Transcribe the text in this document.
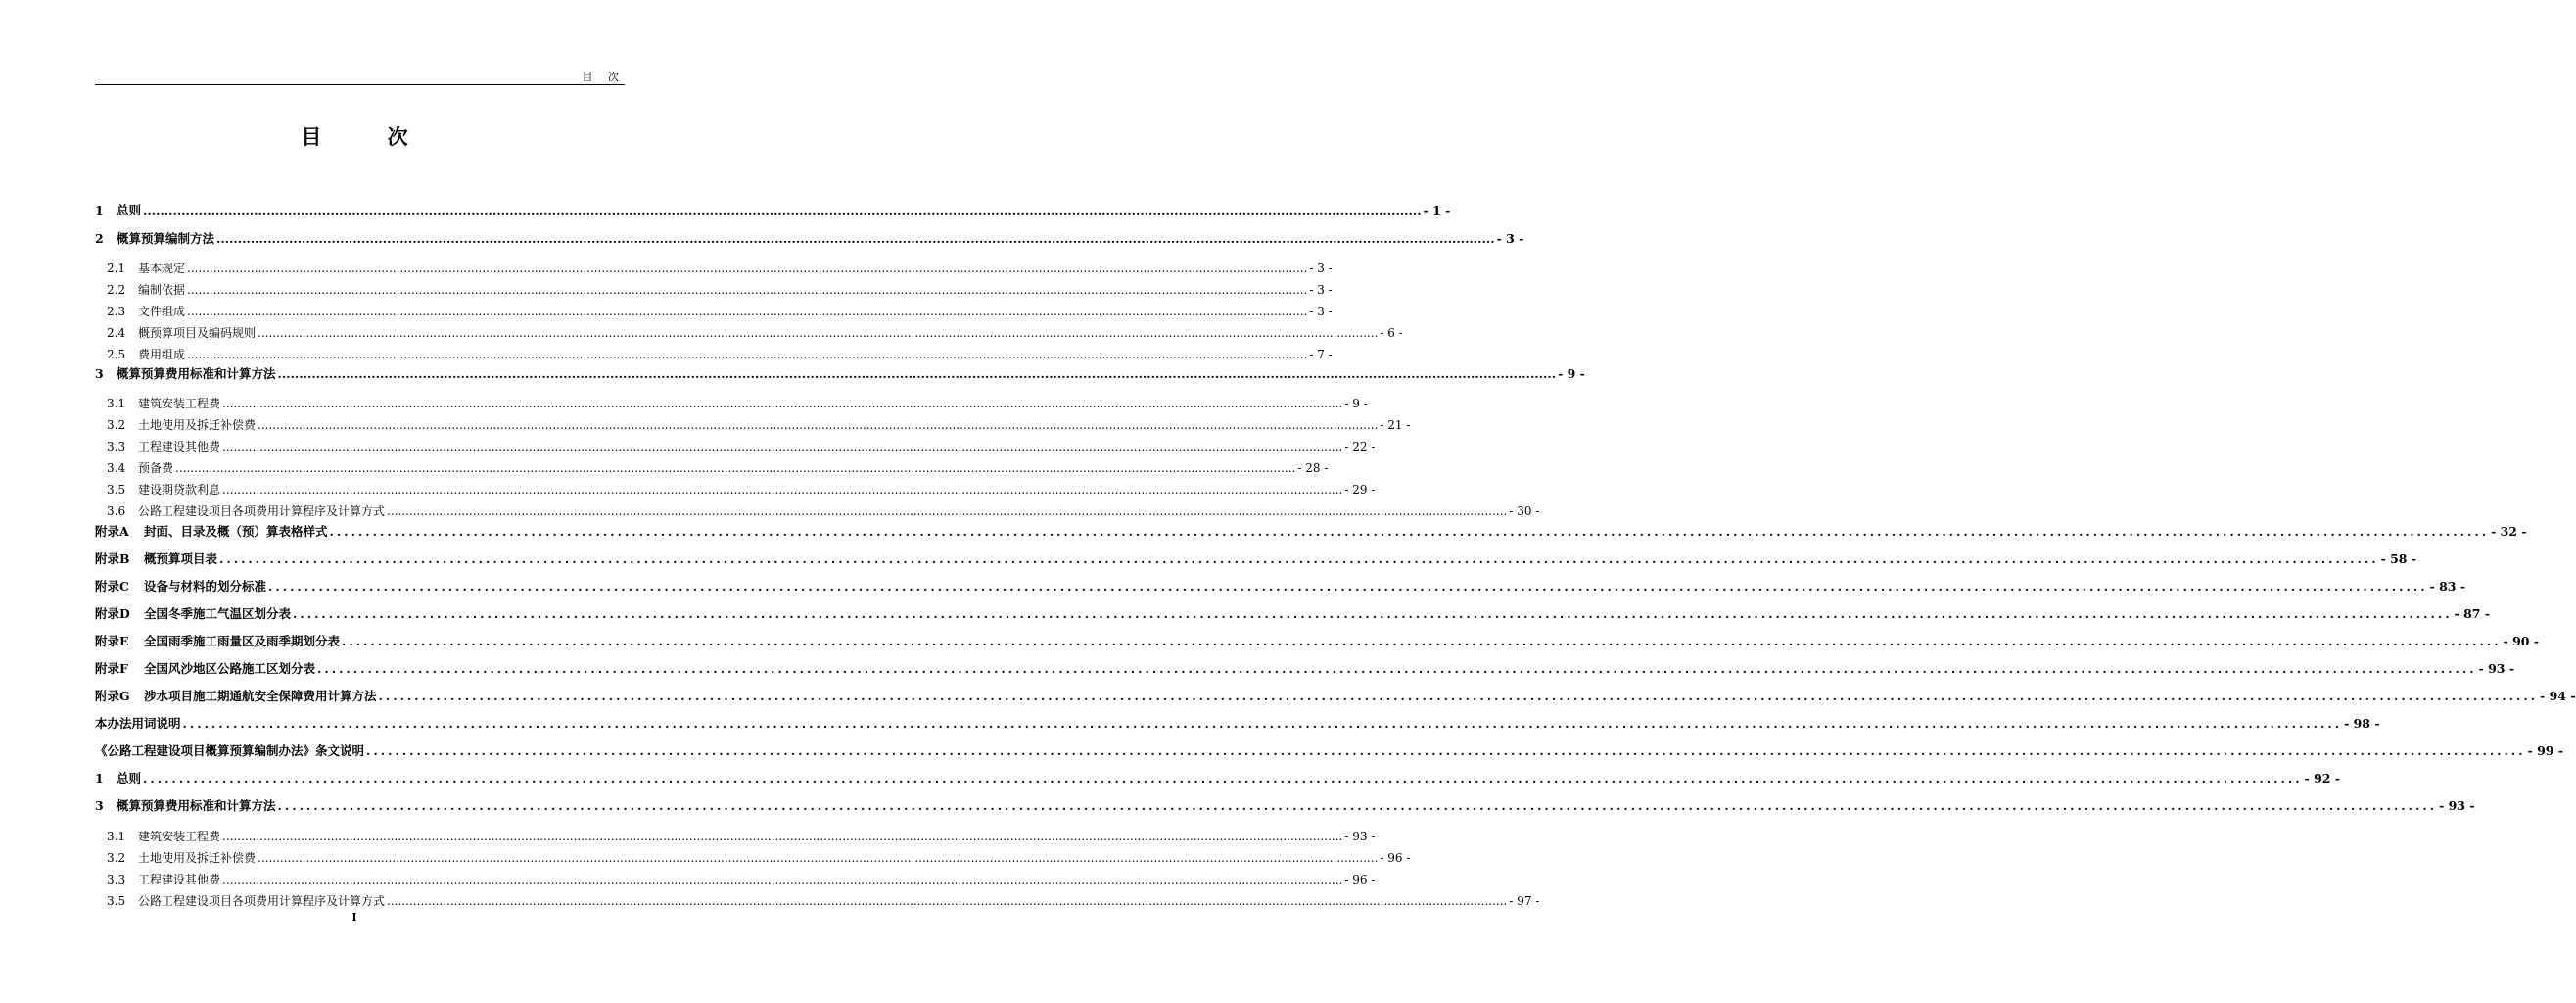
目 次
目 次
1 总则 ............................................................................................................................................................................................................................................................................................................ - 1 -
2 概算预算编制方法 ............................................................................................................................................................................................................................................................................................................ - 3 -
2.1 基本规定 ............................................................................................................................................................................................................................................................................................................ - 3 -
2.2 编制依据 ............................................................................................................................................................................................................................................................................................................ - 3 -
2.3 文件组成 ............................................................................................................................................................................................................................................................................................................ - 3 -
2.4 概预算项目及编码规则 ............................................................................................................................................................................................................................................................................................................ - 6 -
2.5 费用组成 ............................................................................................................................................................................................................................................................................................................ - 7 -
3 概算预算费用标准和计算方法 ............................................................................................................................................................................................................................................................................................................ - 9 -
3.1 建筑安装工程费 ............................................................................................................................................................................................................................................................................................................ - 9 -
3.2 土地使用及拆迁补偿费 ............................................................................................................................................................................................................................................................................................................ - 21 -
3.3 工程建设其他费 ............................................................................................................................................................................................................................................................................................................ - 22 -
3.4 预备费 ............................................................................................................................................................................................................................................................................................................ - 28 -
3.5 建设期贷款利息 ............................................................................................................................................................................................................................................................................................................ - 29 -
3.6 公路工程建设项目各项费用计算程序及计算方式 ............................................................................................................................................................................................................................................................................................................ - 30 -
附录A 封面、目录及概（预）算表格样式 ............................................................................................................................................................................................................................................................................................................ - 32 -
附录B 概预算项目表 ............................................................................................................................................................................................................................................................................................................ - 58 -
附录C 设备与材料的划分标准 ............................................................................................................................................................................................................................................................................................................ - 83 -
附录D 全国冬季施工气温区划分表 ............................................................................................................................................................................................................................................................................................................ - 87 -
附录E 全国雨季施工雨量区及雨季期划分表 ............................................................................................................................................................................................................................................................................................................ - 90 -
附录F 全国风沙地区公路施工区划分表 ............................................................................................................................................................................................................................................................................................................ - 93 -
附录G 涉水项目施工期通航安全保障费用计算方法 ............................................................................................................................................................................................................................................................................................................ - 94 -
本办法用词说明 ............................................................................................................................................................................................................................................................................................................ - 98 -
《公路工程建设项目概算预算编制办法》条文说明 ............................................................................................................................................................................................................................................................................................................ - 99 -
1 总则 ............................................................................................................................................................................................................................................................................................................ - 92 -
3 概算预算费用标准和计算方法 ............................................................................................................................................................................................................................................................................................................ - 93 -
3.1 建筑安装工程费 ............................................................................................................................................................................................................................................................................................................ - 93 -
3.2 土地使用及拆迁补偿费 ............................................................................................................................................................................................................................................................................................................ - 96 -
3.3 工程建设其他费 ............................................................................................................................................................................................................................................................................................................ - 96 -
3.5 公路工程建设项目各项费用计算程序及计算方式 ............................................................................................................................................................................................................................................................................................................ - 97 -
I
